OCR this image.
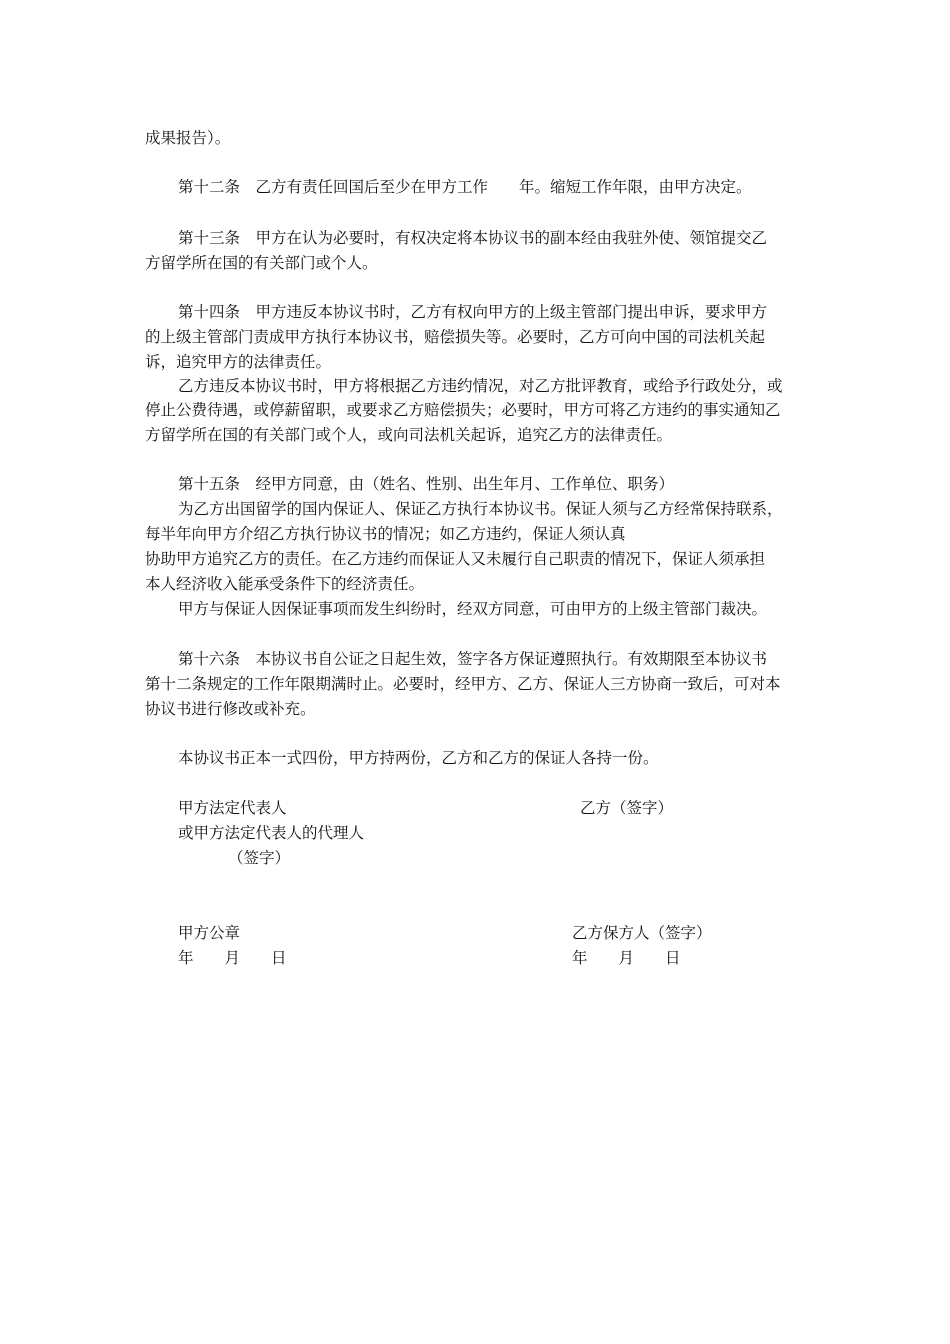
成果报告）。
第十二条　乙方有责任回国后至少在甲方工作　　年。缩短工作年限，由甲方决定。
第十三条　甲方在认为必要时，有权决定将本协议书的副本经由我驻外使、领馆提交乙
方留学所在国的有关部门或个人。
第十四条　甲方违反本协议书时，乙方有权向甲方的上级主管部门提出申诉，要求甲方
的上级主管部门责成甲方执行本协议书，赔偿损失等。必要时，乙方可向中国的司法机关起
诉，追究甲方的法律责任。
乙方违反本协议书时，甲方将根据乙方违约情况，对乙方批评教育，或给予行政处分，或
停止公费待遇，或停薪留职，或要求乙方赔偿损失；必要时，甲方可将乙方违约的事实通知乙
方留学所在国的有关部门或个人，或向司法机关起诉，追究乙方的法律责任。
第十五条　经甲方同意，由（姓名、性别、出生年月、工作单位、职务）
为乙方出国留学的国内保证人、保证乙方执行本协议书。保证人须与乙方经常保持联系，
每半年向甲方介绍乙方执行协议书的情况；如乙方违约，保证人须认真
协助甲方追究乙方的责任。在乙方违约而保证人又未履行自己职责的情况下，保证人须承担
本人经济收入能承受条件下的经济责任。
甲方与保证人因保证事项而发生纠纷时，经双方同意，可由甲方的上级主管部门裁决。
第十六条　本协议书自公证之日起生效，签字各方保证遵照执行。有效期限至本协议书
第十二条规定的工作年限期满时止。必要时，经甲方、乙方、保证人三方协商一致后，可对本
协议书进行修改或补充。
本协议书正本一式四份，甲方持两份，乙方和乙方的保证人各持一份。
甲方法定代表人	乙方（签字）
或甲方法定代表人的代理人
（签字）
甲方公章	乙方保方人（签字）
年　　月　　日	年　　月　　日
